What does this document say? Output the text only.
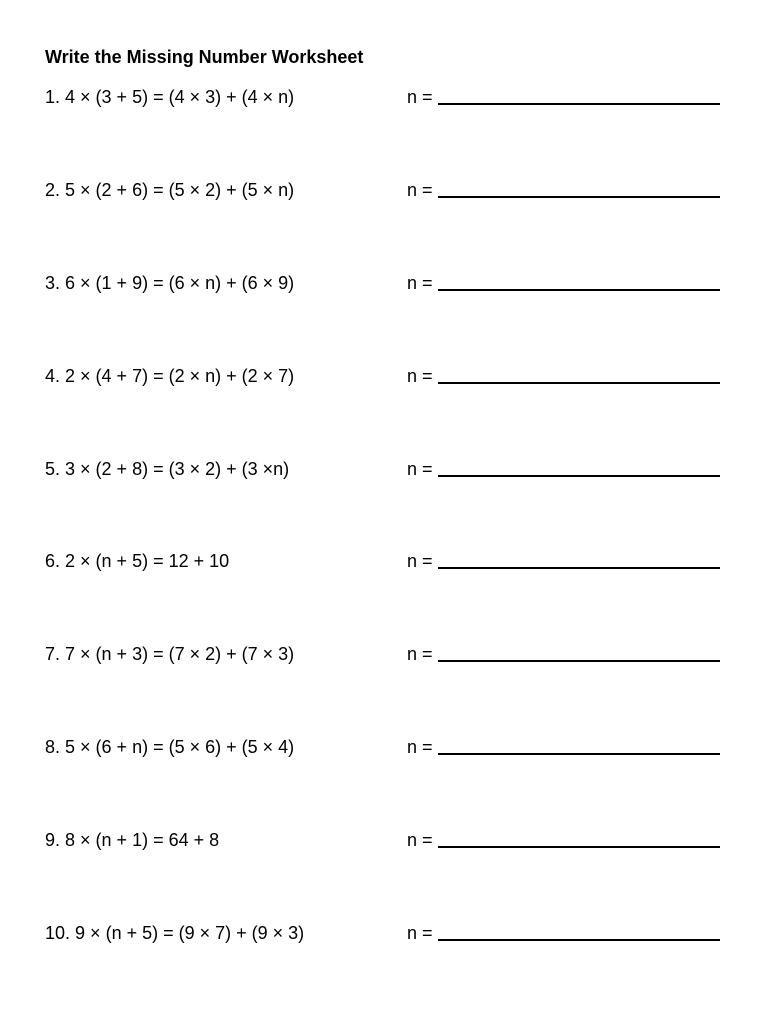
Write the Missing Number Worksheet
1. 4 × (3 + 5) = (4 × 3) + (4 × n)	n =
2. 5 × (2 + 6) = (5 × 2) + (5 × n)	n =
3. 6 × (1 + 9) = (6 × n) + (6 × 9)	n =
4. 2 × (4 + 7) = (2 × n) + (2 × 7)	n =
5. 3 × (2 + 8) = (3 × 2) + (3 ×n)	n =
6. 2 × (n + 5) = 12 + 10	n =
7. 7 × (n + 3) = (7 × 2) + (7 × 3)	n =
8. 5 × (6 + n) = (5 × 6) + (5 × 4)	n =
9. 8 × (n + 1) = 64 + 8	n =
10. 9 × (n + 5) = (9 × 7) + (9 × 3)	n =
